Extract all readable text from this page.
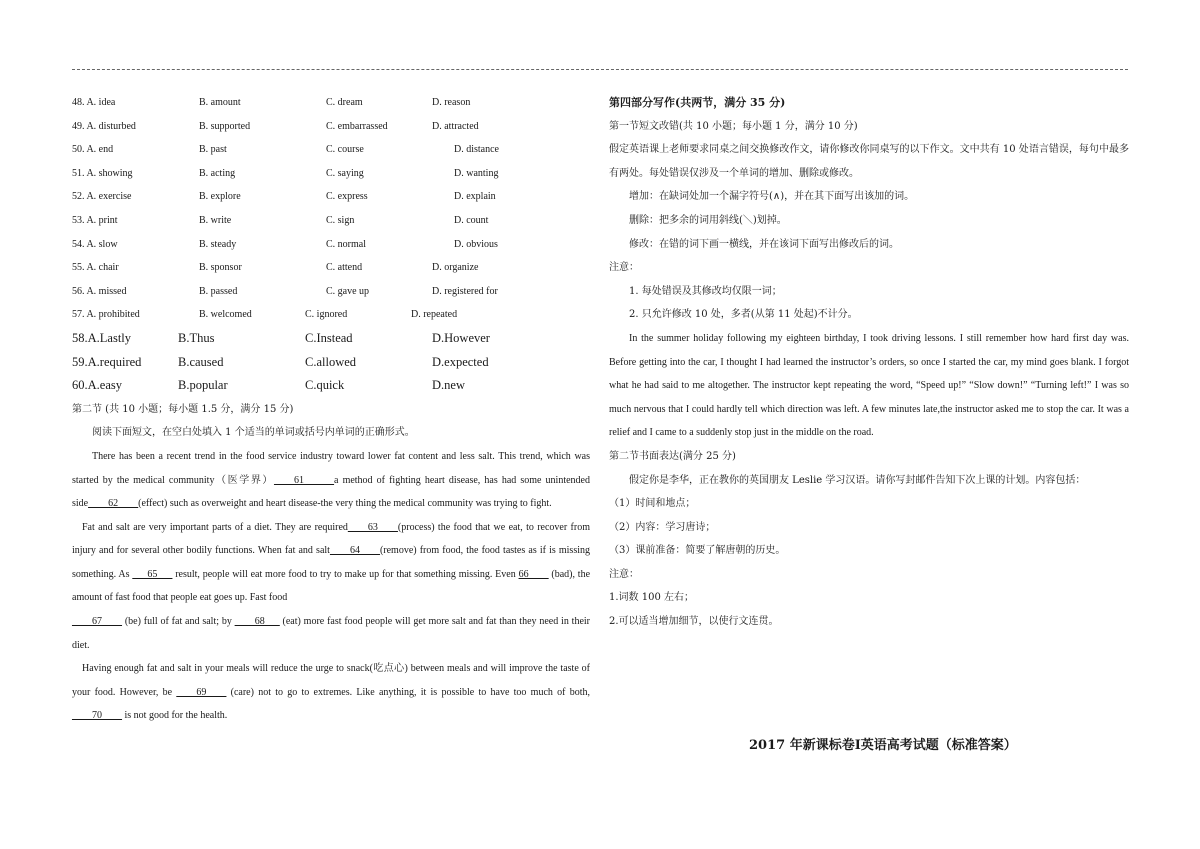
48. A. idea	B. amount	C. dream	D. reason
49. A. disturbed	B. supported	C. embarrassed	D. attracted
50. A. end	B. past	C. course	D. distance
51. A. showing	B. acting	C. saying	D. wanting
52. A. exercise	B. explore	C. express	D. explain
53. A. print	B. write	C. sign	D. count
54. A. slow	B. steady	C. normal	D. obvious
55. A. chair	B. sponsor	C. attend	D. organize
56. A. missed	B. passed	C. gave up	D. registered for
57. A. prohibited	B. welcomed	C. ignored	D. repeated
58.A.Lastly	B.Thus	C.Instead	D.However
59.A.required	B.caused	C.allowed	D.expected
60.A.easy	B.popular	C.quick	D.new

第二节 (共 10 小题；每小题 1.5 分，满分 15 分)

阅读下面短文，在空白处填入 1 个适当的单词或括号内单词的正确形式。

There has been a recent trend in the food service industry toward lower fat content and less salt. This trend, which was started by the medical community（医学界）____61______a method of fighting heart disease, has had some unintended side____62____(effect) such as overweight and heart disease-the very thing the medical community was trying to fight.

Fat and salt are very important parts of a diet. They are required____63____(process) the food that we eat, to recover from injury and for several other bodily functions. When fat and salt____64____(remove) from food, the food tastes as if is missing something. As ___65___ result, people will eat more food to try to make up for that something missing. Even 66____ (bad), the amount of fast food that people eat goes up. Fast food
____67____ (be) full of fat and salt; by ____68___ (eat) more fast food people will get more salt and fat than they need in their diet.

Having enough fat and salt in your meals will reduce the urge to snack(吃点心) between meals and will improve the taste of your food. However, be ____69____ (care) not to go to extremes. Like anything, it is possible to have too much of both, ____70____ is not good for the health.

第四部分写作(共两节，满分 35 分)

第一节短文改错(共 10 小题；每小题 1 分，满分 10 分)

假定英语课上老师要求同桌之间交换修改作文，请你修改你同桌写的以下作文。文中共有 10 处语言错误，每句中最多有两处。每处错误仅涉及一个单词的增加、删除或修改。

增加：在缺词处加一个漏字符号(∧)，并在其下面写出该加的词。

删除：把多余的词用斜线(＼)划掉。

修改：在错的词下画一横线，并在该词下面写出修改后的词。

注意：

1. 每处错误及其修改均仅限一词；

2. 只允许修改 10 处，多者(从第 11 处起)不计分。

In the summer holiday following my eighteen birthday, I took driving lessons. I still remember how hard first day was. Before getting into the car, I thought I had learned the instructor’s orders, so once I started the car, my mind goes blank. I forgot what he had said to me altogether. The instructor kept repeating the word, “Speed up!” “Slow down!” “Turning left!” I was so much nervous that I could hardly tell which direction was left. A few minutes late,the instructor asked me to stop the car. It was a relief and I came to a suddenly stop just in the middle on the road.

第二节书面表达(满分 25 分)

假定你是李华，正在教你的英国朋友 Leslie 学习汉语。请你写封邮件告知下次上课的计划。内容包括：

（1）时间和地点；

（2）内容：学习唐诗；

（3）课前准备：简要了解唐朝的历史。

注意：

1.词数 100 左右；

2.可以适当增加细节，以使行文连贯。

2017 年新课标卷Ⅰ英语高考试题（标准答案）
